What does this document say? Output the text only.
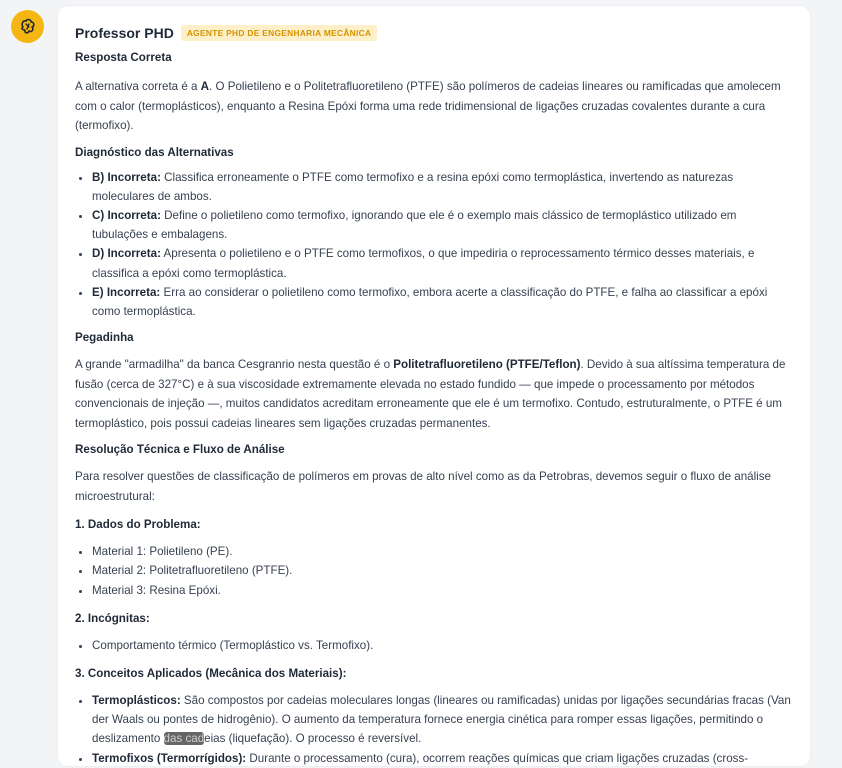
Professor PHD	AGENTE PHD DE ENGENHARIA MECÂNICA
Resposta Correta

A alternativa correta é a A. O Polietileno e o Politetrafluoretileno (PTFE) são polímeros de cadeias lineares ou ramificadas que amolecem com o calor (termoplásticos), enquanto a Resina Epóxi forma uma rede tridimensional de ligações cruzadas covalentes durante a cura (termofixo).

Diagnóstico das Alternativas
• B) Incorreta: Classifica erroneamente o PTFE como termofixo e a resina epóxi como termoplástica, invertendo as naturezas moleculares de ambos.
• C) Incorreta: Define o polietileno como termofixo, ignorando que ele é o exemplo mais clássico de termoplástico utilizado em tubulações e embalagens.
• D) Incorreta: Apresenta o polietileno e o PTFE como termofixos, o que impediria o reprocessamento térmico desses materiais, e classifica a epóxi como termoplástica.
• E) Incorreta: Erra ao considerar o polietileno como termofixo, embora acerte a classificação do PTFE, e falha ao classificar a epóxi como termoplástica.
Pegadinha

A grande "armadilha" da banca Cesgranrio nesta questão é o Politetrafluoretileno (PTFE/Teflon). Devido à sua altíssima temperatura de fusão (cerca de 327°C) e à sua viscosidade extremamente elevada no estado fundido — que impede o processamento por métodos convencionais de injeção —, muitos candidatos acreditam erroneamente que ele é um termofixo. Contudo, estruturalmente, o PTFE é um termoplástico, pois possui cadeias lineares sem ligações cruzadas permanentes.

Resolução Técnica e Fluxo de Análise

Para resolver questões de classificação de polímeros em provas de alto nível como as da Petrobras, devemos seguir o fluxo de análise microestrutural:

1. Dados do Problema:
• Material 1: Polietileno (PE).
• Material 2: Politetrafluoretileno (PTFE).
• Material 3: Resina Epóxi.
2. Incógnitas:
• Comportamento térmico (Termoplástico vs. Termofixo).
3. Conceitos Aplicados (Mecânica dos Materiais):
• Termoplásticos: São compostos por cadeias moleculares longas (lineares ou ramificadas) unidas por ligações secundárias fracas (Van der Waals ou pontes de hidrogênio). O aumento da temperatura fornece energia cinética para romper essas ligações, permitindo o deslizamento das cadeias (liquefação). O processo é reversível.
• Termofixos (Termorrígidos): Durante o processamento (cura), ocorrem reações químicas que criam ligações cruzadas (cross-
